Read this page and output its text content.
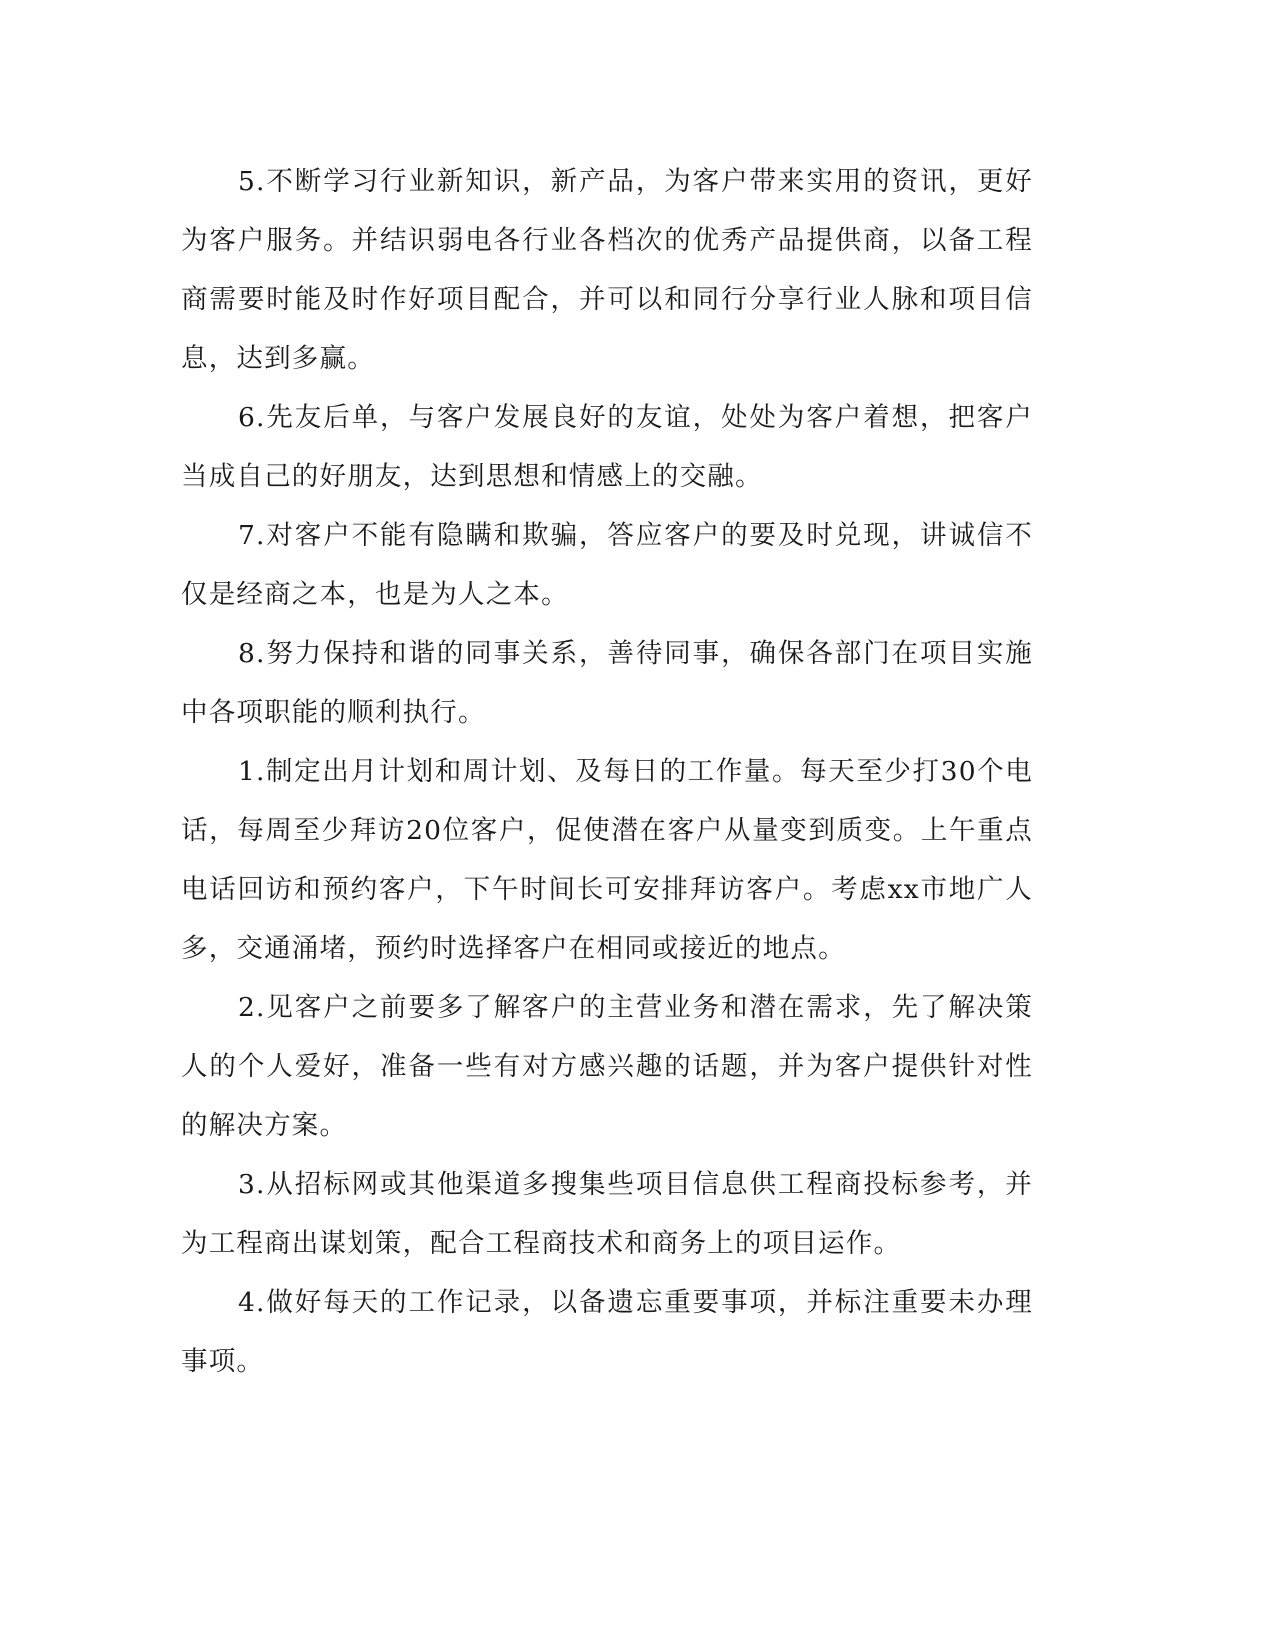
5.不断学习行业新知识，新产品，为客户带来实用的资讯，更好为客户服务。并结识弱电各行业各档次的优秀产品提供商，以备工程商需要时能及时作好项目配合，并可以和同行分享行业人脉和项目信息，达到多赢。

6.先友后单，与客户发展良好的友谊，处处为客户着想，把客户当成自己的好朋友，达到思想和情感上的交融。

7.对客户不能有隐瞒和欺骗，答应客户的要及时兑现，讲诚信不仅是经商之本，也是为人之本。

8.努力保持和谐的同事关系，善待同事，确保各部门在项目实施中各项职能的顺利执行。

1.制定出月计划和周计划、及每日的工作量。每天至少打30个电话，每周至少拜访20位客户，促使潜在客户从量变到质变。上午重点电话回访和预约客户，下午时间长可安排拜访客户。考虑xx市地广人多，交通涌堵，预约时选择客户在相同或接近的地点。

2.见客户之前要多了解客户的主营业务和潜在需求，先了解决策人的个人爱好，准备一些有对方感兴趣的话题，并为客户提供针对性的解决方案。

3.从招标网或其他渠道多搜集些项目信息供工程商投标参考，并为工程商出谋划策，配合工程商技术和商务上的项目运作。

4.做好每天的工作记录，以备遗忘重要事项，并标注重要未办理事项。
